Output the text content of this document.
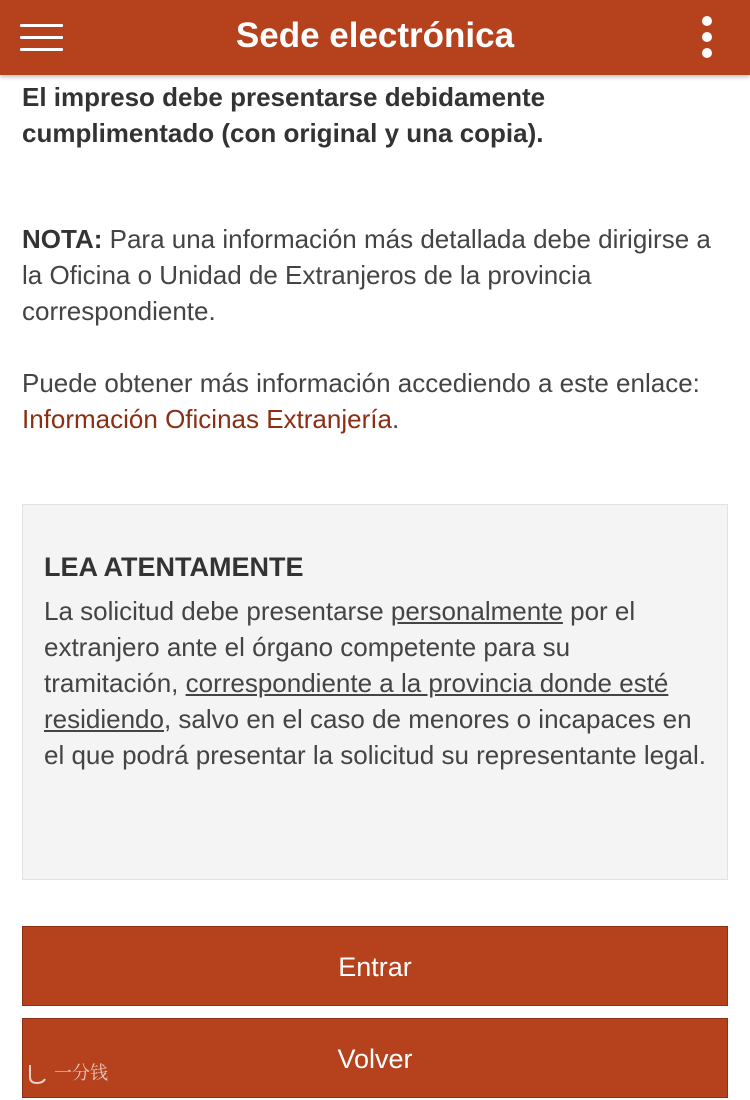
Sede electrónica

El impreso debe presentarse debidamente cumplimentado (con original y una copia).

NOTA: Para una información más detallada debe dirigirse a la Oficina o Unidad de Extranjeros de la provincia correspondiente.

Puede obtener más información accediendo a este enlace: Información Oficinas Extranjería.

LEA ATENTAMENTE

La solicitud debe presentarse personalmente por el extranjero ante el órgano competente para su tramitación, correspondiente a la provincia donde esté residiendo, salvo en el caso de menores o incapaces en el que podrá presentar la solicitud su representante legal.

Entrar
Volver
一分钱
